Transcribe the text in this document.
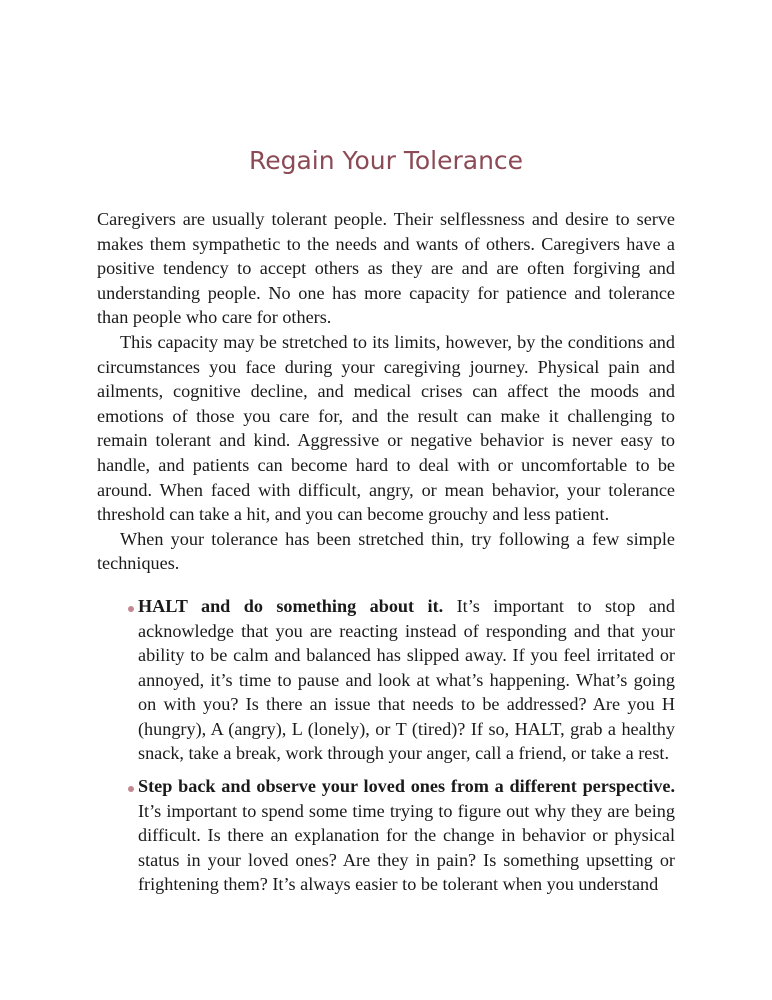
Regain Your Tolerance

Caregivers are usually tolerant people. Their selflessness and desire to serve makes them sympathetic to the needs and wants of others. Caregivers have a positive tendency to accept others as they are and are often forgiving and understanding people. No one has more capacity for patience and tolerance than people who care for others.

This capacity may be stretched to its limits, however, by the conditions and circumstances you face during your caregiving journey. Physical pain and ailments, cognitive decline, and medical crises can affect the moods and emotions of those you care for, and the result can make it challenging to remain tolerant and kind. Aggressive or negative behavior is never easy to handle, and patients can become hard to deal with or uncomfortable to be around. When faced with difficult, angry, or mean behavior, your tolerance threshold can take a hit, and you can become grouchy and less patient.

When your tolerance has been stretched thin, try following a few simple techniques.

HALT and do something about it. It’s important to stop and acknowledge that you are reacting instead of responding and that your ability to be calm and balanced has slipped away. If you feel irritated or annoyed, it’s time to pause and look at what’s happening. What’s going on with you? Is there an issue that needs to be addressed? Are you H (hungry), A (angry), L (lonely), or T (tired)? If so, HALT, grab a healthy snack, take a break, work through your anger, call a friend, or take a rest.
Step back and observe your loved ones from a different perspective. It’s important to spend some time trying to figure out why they are being difficult. Is there an explanation for the change in behavior or physical status in your loved ones? Are they in pain? Is something upsetting or frightening them? It’s always easier to be tolerant when you understand
